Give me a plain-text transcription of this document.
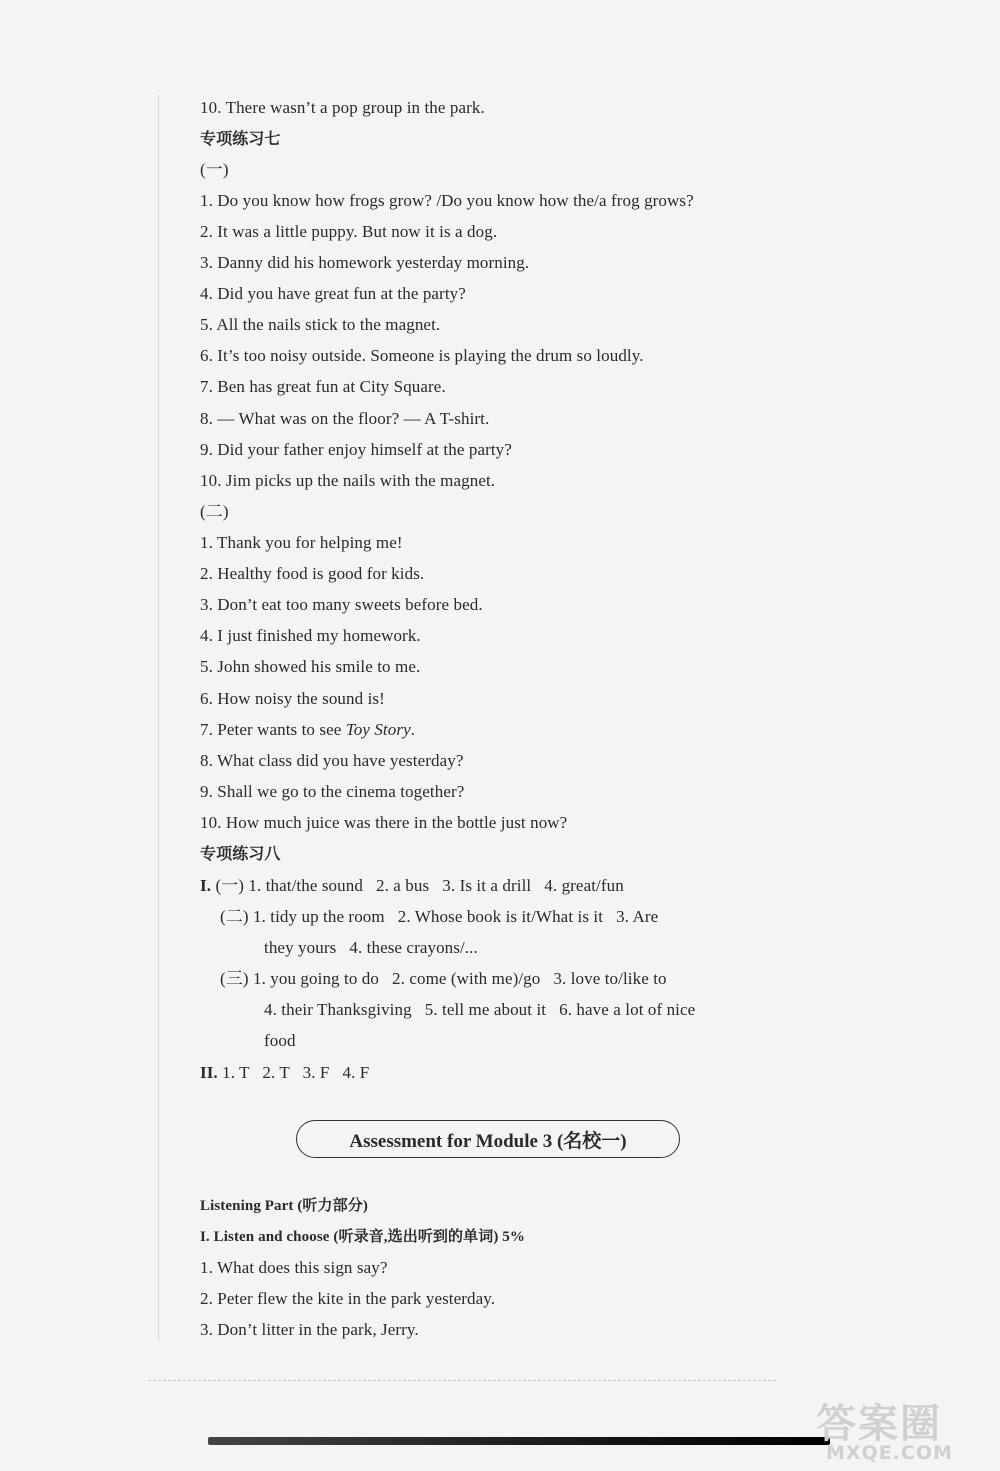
10. There wasn’t a pop group in the park.
专项练习七
(一)
1. Do you know how frogs grow? /Do you know how the/a frog grows?
2. It was a little puppy. But now it is a dog.
3. Danny did his homework yesterday morning.
4. Did you have great fun at the party?
5. All the nails stick to the magnet.
6. It’s too noisy outside. Someone is playing the drum so loudly.
7. Ben has great fun at City Square.
8. — What was on the floor? — A T-shirt.
9. Did your father enjoy himself at the party?
10. Jim picks up the nails with the magnet.
(二)
1. Thank you for helping me!
2. Healthy food is good for kids.
3. Don’t eat too many sweets before bed.
4. I just finished my homework.
5. John showed his smile to me.
6. How noisy the sound is!
7. Peter wants to see Toy Story.
8. What class did you have yesterday?
9. Shall we go to the cinema together?
10. How much juice was there in the bottle just now?
专项练习八
I. (一) 1. that/the sound   2. a bus   3. Is it a drill   4. great/fun
(二) 1. tidy up the room   2. Whose book is it/What is it   3. Are
they yours   4. these crayons/...
(三) 1. you going to do   2. come (with me)/go   3. love to/like to
4. their Thanksgiving   5. tell me about it   6. have a lot of nice
food
II. 1. T   2. T   3. F   4. F
Assessment for Module 3 (名校一)
Listening Part (听力部分)
I. Listen and choose (听录音,选出听到的单词) 5%
1. What does this sign say?
2. Peter flew the kite in the park yesterday.
3. Don’t litter in the park, Jerry.
答案圈
MXQE.COM
